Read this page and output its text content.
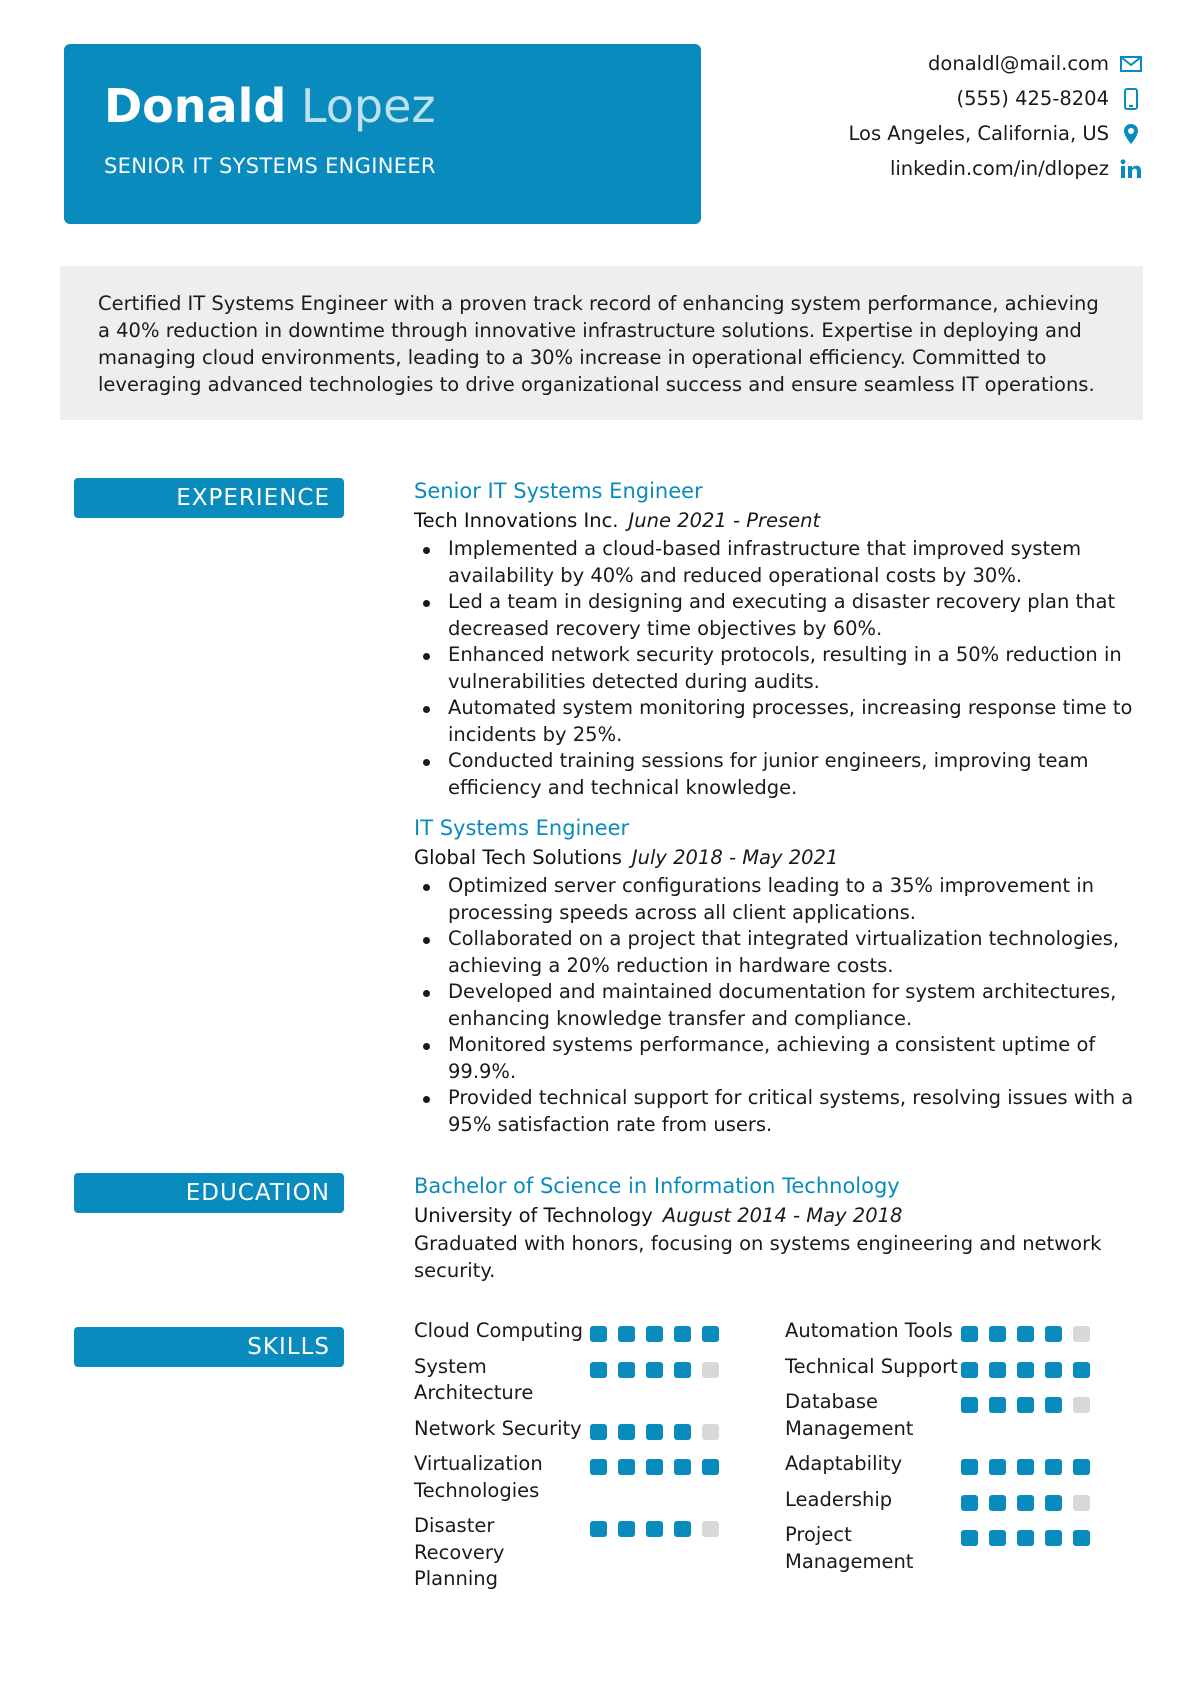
Donald Lopez
SENIOR IT SYSTEMS ENGINEER
donaldl@mail.com
(555) 425-8204
Los Angeles, California, US
linkedin.com/in/dlopez

Certified IT Systems Engineer with a proven track record of enhancing system performance, achieving a 40% reduction in downtime through innovative infrastructure solutions. Expertise in deploying and managing cloud environments, leading to a 30% increase in operational efficiency. Committed to leveraging advanced technologies to drive organizational success and ensure seamless IT operations.

EXPERIENCE
EDUCATION
SKILLS
Senior IT Systems Engineer
Tech Innovations Inc. June 2021 - Present
Implemented a cloud-based infrastructure that improved system availability by 40% and reduced operational costs by 30%.
Led a team in designing and executing a disaster recovery plan that decreased recovery time objectives by 60%.
Enhanced network security protocols, resulting in a 50% reduction in vulnerabilities detected during audits.
Automated system monitoring processes, increasing response time to incidents by 25%.
Conducted training sessions for junior engineers, improving team efficiency and technical knowledge.
IT Systems Engineer
Global Tech Solutions July 2018 - May 2021
Optimized server configurations leading to a 35% improvement in processing speeds across all client applications.
Collaborated on a project that integrated virtualization technologies, achieving a 20% reduction in hardware costs.
Developed and maintained documentation for system architectures, enhancing knowledge transfer and compliance.
Monitored systems performance, achieving a consistent uptime of 99.9%.
Provided technical support for critical systems, resolving issues with a 95% satisfaction rate from users.
Bachelor of Science in Information Technology
University of Technology August 2014 - May 2018
Graduated with honors, focusing on systems engineering and network security.
Cloud Computing
System Architecture
Network Security
Virtualization Technologies
Disaster Recovery Planning
Automation Tools
Technical Support
Database Management
Adaptability
Leadership
Project Management
